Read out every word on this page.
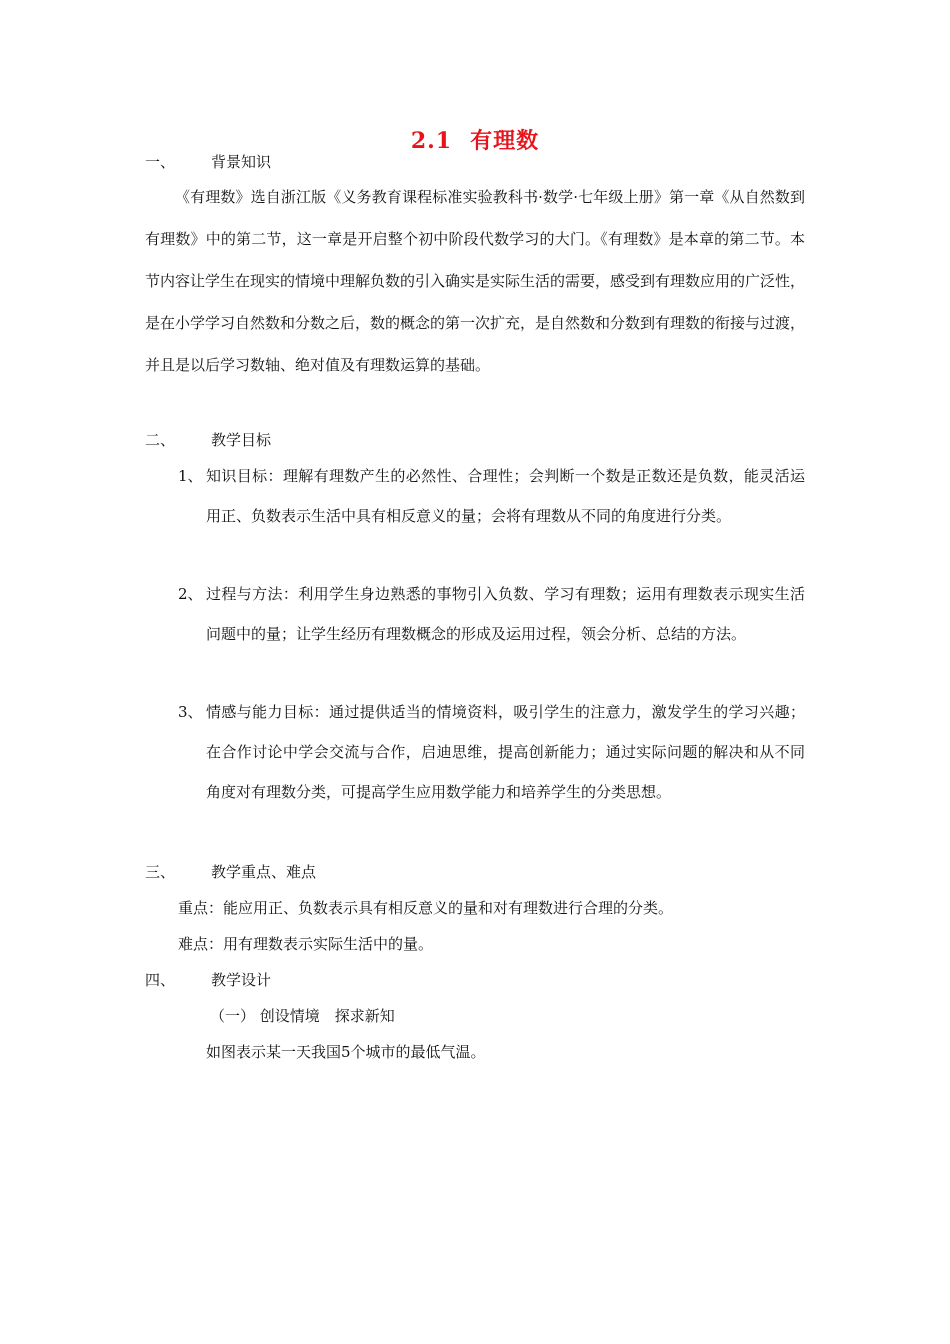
2.1 有理数
一、 背景知识
《有理数》选自浙江版《义务教育课程标准实验教科书·数学·七年级上册》第一章《从自然数到有理数》中的第二节，这一章是开启整个初中阶段代数学习的大门。《有理数》是本章的第二节。本节内容让学生在现实的情境中理解负数的引入确实是实际生活的需要，感受到有理数应用的广泛性，是在小学学习自然数和分数之后，数的概念的第一次扩充，是自然数和分数到有理数的衔接与过渡，并且是以后学习数轴、绝对值及有理数运算的基础。
二、 教学目标
1、 知识目标：理解有理数产生的必然性、合理性；会判断一个数是正数还是负数，能灵活运用正、负数表示生活中具有相反意义的量；会将有理数从不同的角度进行分类。
2、 过程与方法：利用学生身边熟悉的事物引入负数、学习有理数；运用有理数表示现实生活问题中的量；让学生经历有理数概念的形成及运用过程，领会分析、总结的方法。
3、 情感与能力目标：通过提供适当的情境资料，吸引学生的注意力，激发学生的学习兴趣；在合作讨论中学会交流与合作，启迪思维，提高创新能力；通过实际问题的解决和从不同角度对有理数分类，可提高学生应用数学能力和培养学生的分类思想。
三、 教学重点、难点
重点：能应用正、负数表示具有相反意义的量和对有理数进行合理的分类。
难点：用有理数表示实际生活中的量。
四、 教学设计
（一） 创设情境　探求新知
如图表示某一天我国5个城市的最低气温。
